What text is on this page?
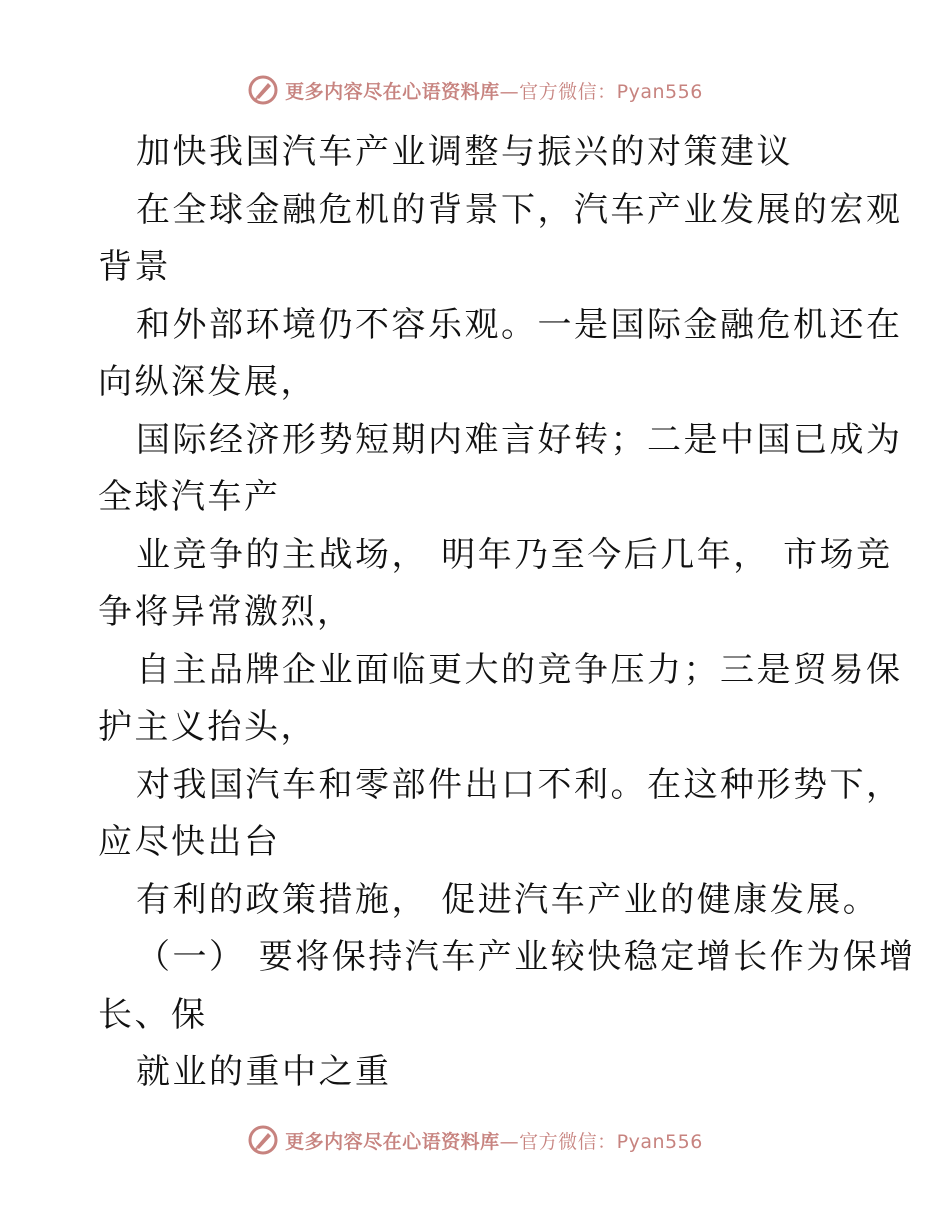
更多内容尽在心语资料库 —官方微信：Pyan556
加快我国汽车产业调整与振兴的对策建议
在全球金融危机的背景下，汽车产业发展的宏观
背景
和外部环境仍不容乐观。一是国际金融危机还在
向纵深发展，
国际经济形势短期内难言好转；二是中国已成为
全球汽车产
业竞争的主战场， 明年乃至今后几年， 市场竞
争将异常激烈，
自主品牌企业面临更大的竞争压力；三是贸易保
护主义抬头，
对我国汽车和零部件出口不利。在这种形势下，
应尽快出台
有利的政策措施， 促进汽车产业的健康发展。
（一） 要将保持汽车产业较快稳定增长作为保增
长、保
就业的重中之重
更多内容尽在心语资料库 —官方微信：Pyan556
